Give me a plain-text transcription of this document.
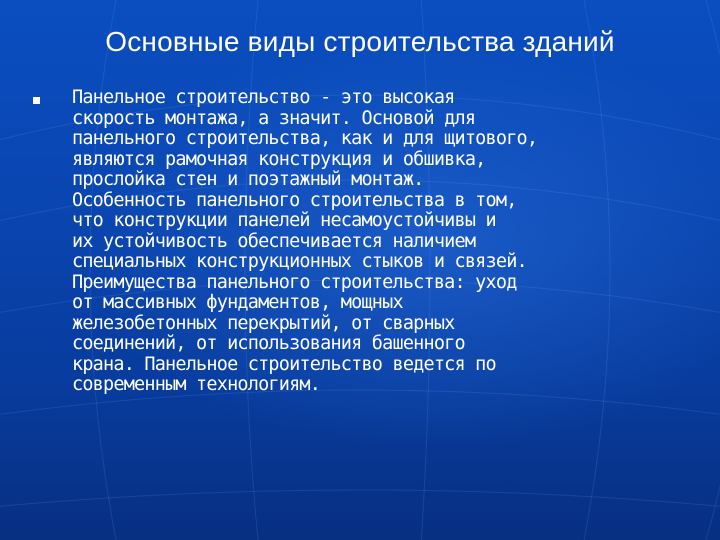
Основные виды строительства зданий
Панельное строительство - это высокая
скорость монтажа, а значит. Основой для
панельного строительства, как и для щитового,
являются рамочная конструкция и обшивка,
прослойка стен и поэтажный монтаж.
Особенность панельного строительства в том,
что конструкции панелей несамоустойчивы и
их устойчивость обеспечивается наличием
специальных конструкционных стыков и связей.
Преимущества панельного строительства: уход
от массивных фундаментов, мощных
железобетонных перекрытий, от сварных
соединений, от использования башенного
крана. Панельное строительство ведется по
современным технологиям.
